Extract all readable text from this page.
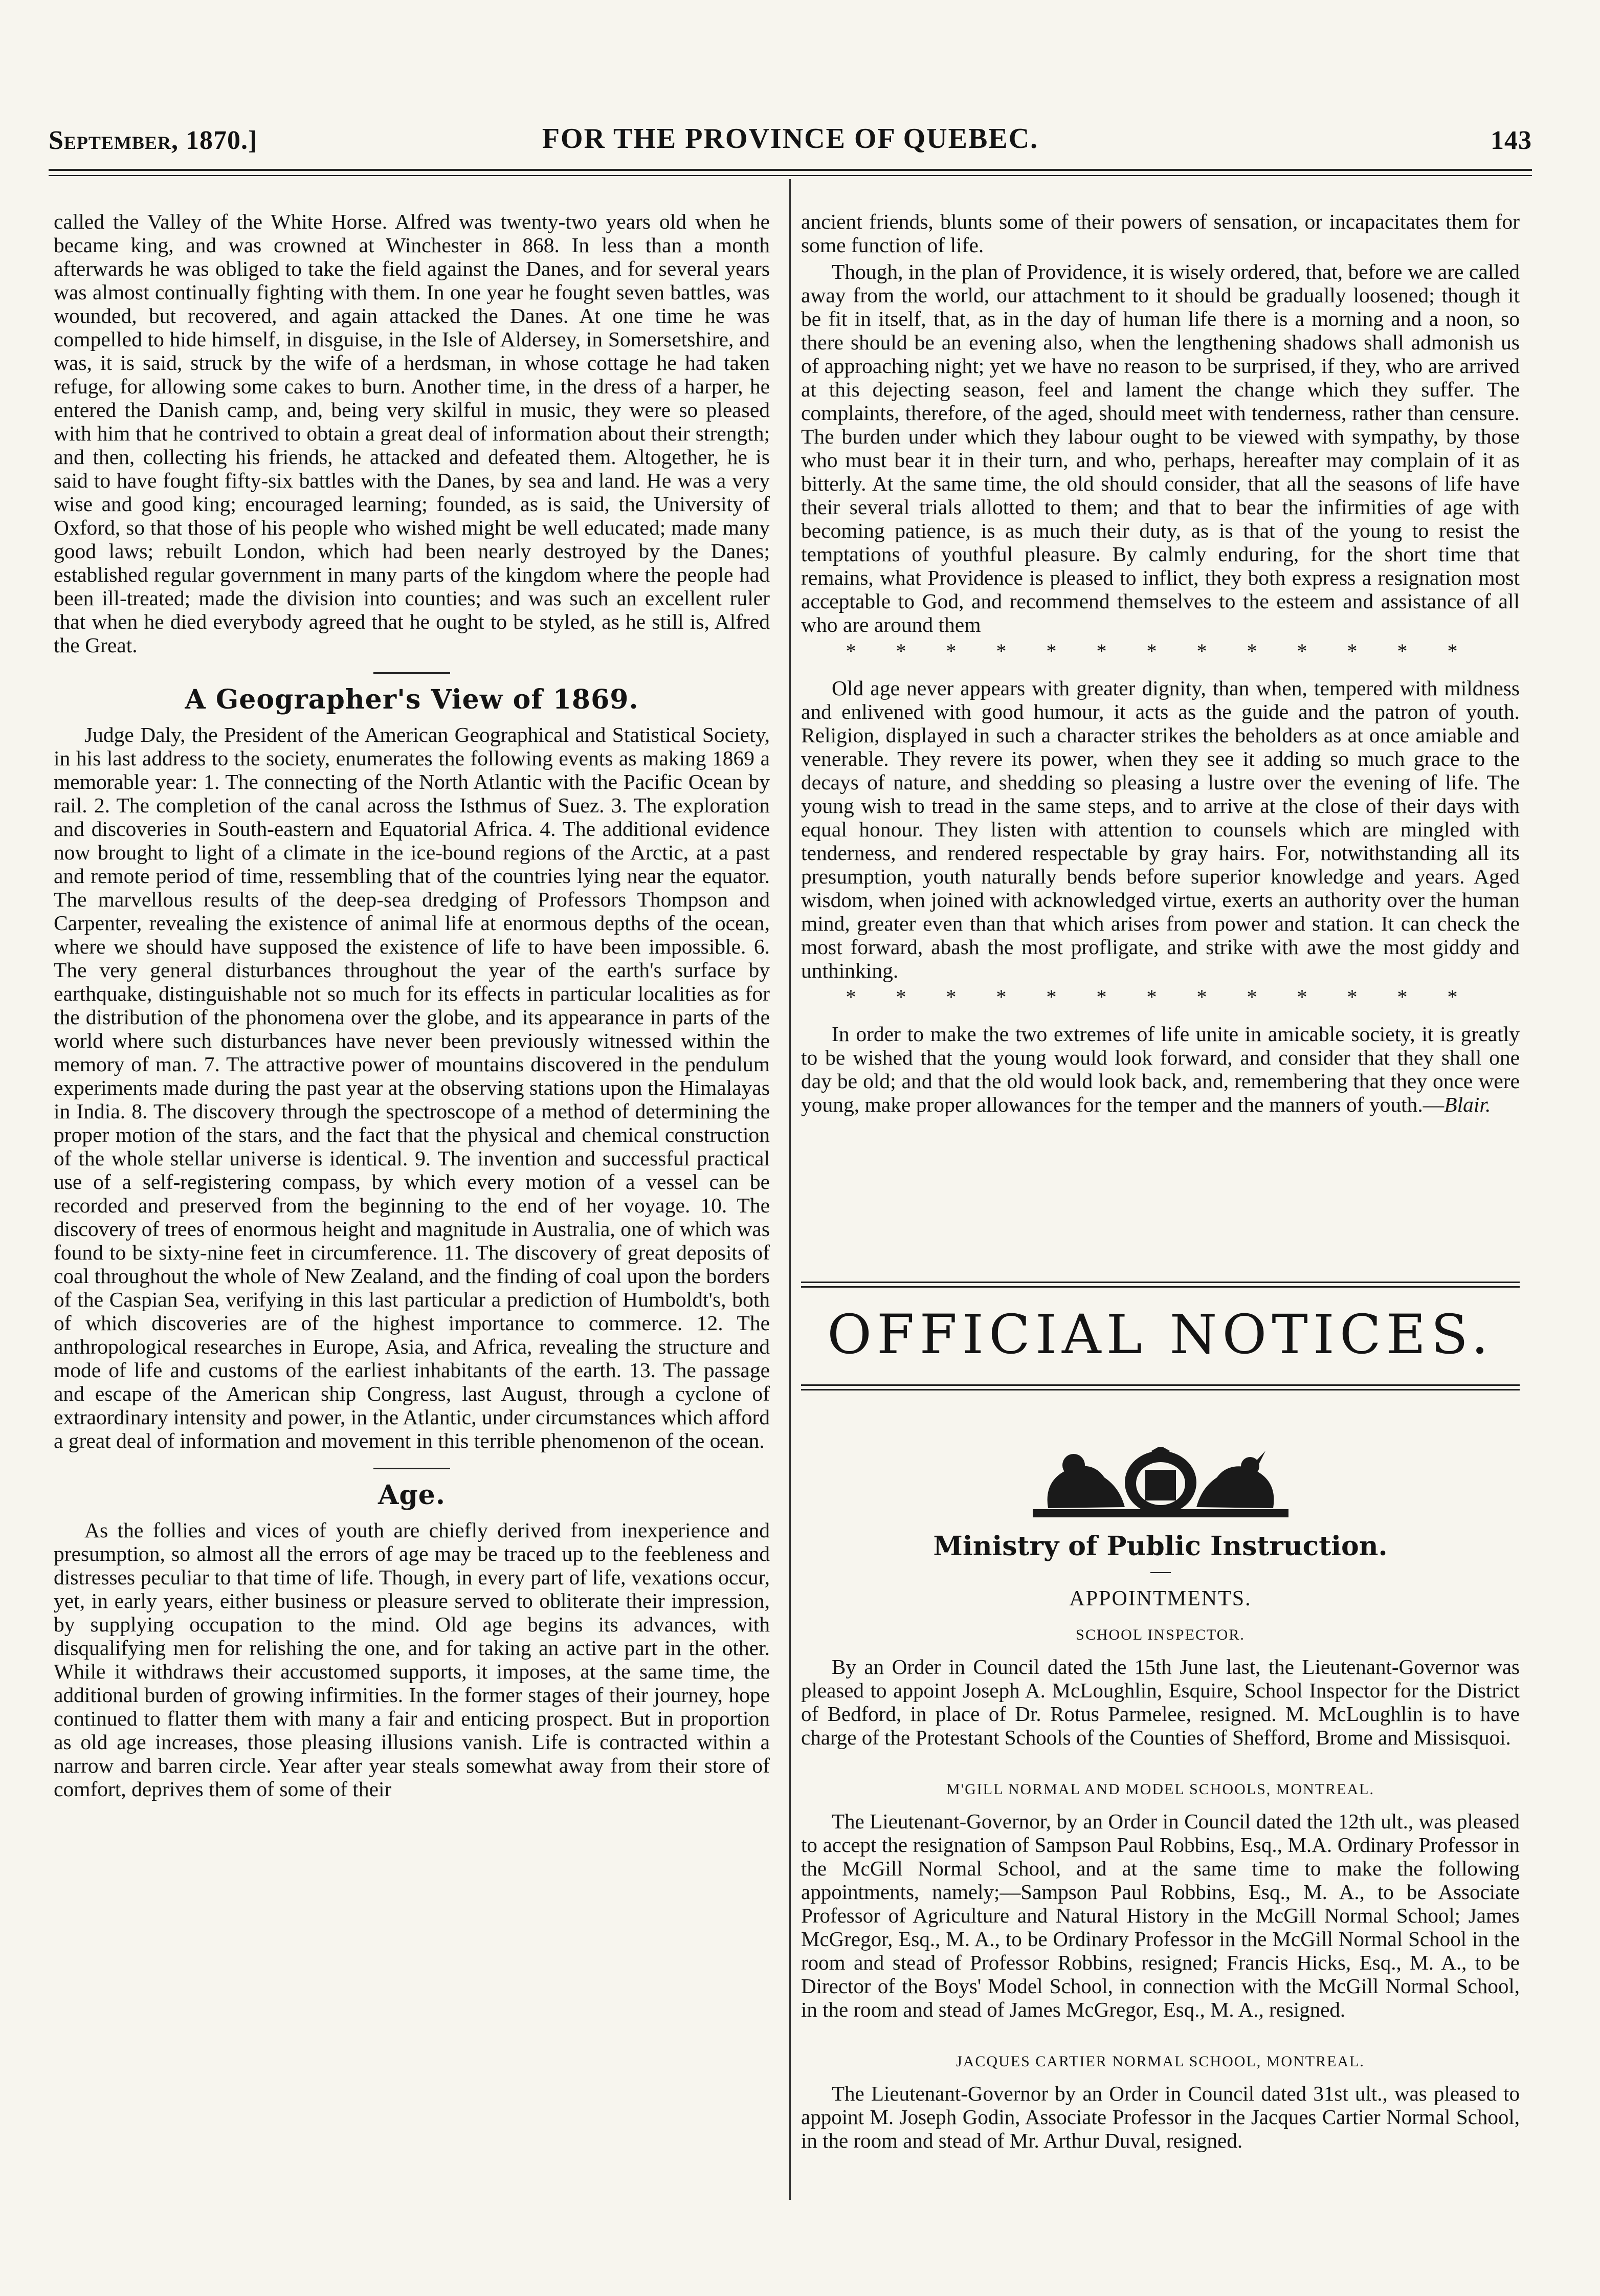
September, 1870.]	FOR THE PROVINCE OF QUEBEC.	143

called the Valley of the White Horse. Alfred was twenty-two years old when he became king, and was crowned at Winchester in 868. In less than a month afterwards he was obliged to take the field against the Danes, and for several years was almost continually fighting with them. In one year he fought seven battles, was wounded, but recovered, and again attacked the Danes. At one time he was compelled to hide himself, in disguise, in the Isle of Aldersey, in Somersetshire, and was, it is said, struck by the wife of a herdsman, in whose cottage he had taken refuge, for allowing some cakes to burn. Another time, in the dress of a harper, he entered the Danish camp, and, being very skilful in music, they were so pleased with him that he contrived to obtain a great deal of information about their strength; and then, collecting his friends, he attacked and defeated them. Altogether, he is said to have fought fifty-six battles with the Danes, by sea and land. He was a very wise and good king; encouraged learning; founded, as is said, the University of Oxford, so that those of his people who wished might be well educated; made many good laws; rebuilt London, which had been nearly destroyed by the Danes; established regular government in many parts of the kingdom where the people had been ill-treated; made the division into counties; and was such an excellent ruler that when he died everybody agreed that he ought to be styled, as he still is, Alfred the Great.

A Geographer's View of 1869.

Judge Daly, the President of the American Geographical and Statistical Society, in his last address to the society, enumerates the following events as making 1869 a memorable year: 1. The connecting of the North Atlantic with the Pacific Ocean by rail. 2. The completion of the canal across the Isthmus of Suez. 3. The exploration and discoveries in South-eastern and Equatorial Africa. 4. The additional evidence now brought to light of a climate in the ice-bound regions of the Arctic, at a past and remote period of time, ressembling that of the countries lying near the equator. The marvellous results of the deep-sea dredging of Professors Thompson and Carpenter, revealing the existence of animal life at enormous depths of the ocean, where we should have supposed the existence of life to have been impossible. 6. The very general disturbances throughout the year of the earth's surface by earthquake, distinguishable not so much for its effects in particular localities as for the distribution of the phonomena over the globe, and its appearance in parts of the world where such disturbances have never been previously witnessed within the memory of man. 7. The attractive power of mountains discovered in the pendulum experiments made during the past year at the observing stations upon the Himalayas in India. 8. The discovery through the spectroscope of a method of determining the proper motion of the stars, and the fact that the physical and chemical construction of the whole stellar universe is identical. 9. The invention and successful practical use of a self-registering compass, by which every motion of a vessel can be recorded and preserved from the beginning to the end of her voyage. 10. The discovery of trees of enormous height and magnitude in Australia, one of which was found to be sixty-nine feet in circumference. 11. The discovery of great deposits of coal throughout the whole of New Zealand, and the finding of coal upon the borders of the Caspian Sea, verifying in this last particular a prediction of Humboldt's, both of which discoveries are of the highest importance to commerce. 12. The anthropological researches in Europe, Asia, and Africa, revealing the structure and mode of life and customs of the earliest inhabitants of the earth. 13. The passage and escape of the American ship Congress, last August, through a cyclone of extraordinary intensity and power, in the Atlantic, under circumstances which afford a great deal of information and movement in this terrible phenomenon of the ocean.

Age.

As the follies and vices of youth are chiefly derived from inexperience and presumption, so almost all the errors of age may be traced up to the feebleness and distresses peculiar to that time of life. Though, in every part of life, vexations occur, yet, in early years, either business or pleasure served to obliterate their impression, by supplying occupation to the mind. Old age begins its advances, with disqualifying men for relishing the one, and for taking an active part in the other. While it withdraws their accustomed supports, it imposes, at the same time, the additional burden of growing infirmities. In the former stages of their journey, hope continued to flatter them with many a fair and enticing prospect. But in proportion as old age increases, those pleasing illusions vanish. Life is contracted within a narrow and barren circle. Year after year steals somewhat away from their store of comfort, deprives them of some of their

ancient friends, blunts some of their powers of sensation, or incapacitates them for some function of life.

Though, in the plan of Providence, it is wisely ordered, that, before we are called away from the world, our attachment to it should be gradually loosened; though it be fit in itself, that, as in the day of human life there is a morning and a noon, so there should be an evening also, when the lengthening shadows shall admonish us of approaching night; yet we have no reason to be surprised, if they, who are arrived at this dejecting season, feel and lament the change which they suffer. The complaints, therefore, of the aged, should meet with tenderness, rather than censure. The burden under which they labour ought to be viewed with sympathy, by those who must bear it in their turn, and who, perhaps, hereafter may complain of it as bitterly. At the same time, the old should consider, that all the seasons of life have their several trials allotted to them; and that to bear the infirmities of age with becoming patience, is as much their duty, as is that of the young to resist the temptations of youthful pleasure. By calmly enduring, for the short time that remains, what Providence is pleased to inflict, they both express a resignation most acceptable to God, and recommend themselves to the esteem and assistance of all who are around them

* * * * * * * * * * * * *

Old age never appears with greater dignity, than when, tempered with mildness and enlivened with good humour, it acts as the guide and the patron of youth. Religion, displayed in such a character strikes the beholders as at once amiable and venerable. They revere its power, when they see it adding so much grace to the decays of nature, and shedding so pleasing a lustre over the evening of life. The young wish to tread in the same steps, and to arrive at the close of their days with equal honour. They listen with attention to counsels which are mingled with tenderness, and rendered respectable by gray hairs. For, notwithstanding all its presumption, youth naturally bends before superior knowledge and years. Aged wisdom, when joined with acknowledged virtue, exerts an authority over the human mind, greater even than that which arises from power and station. It can check the most forward, abash the most profligate, and strike with awe the most giddy and unthinking.

* * * * * * * * * * * * *

In order to make the two extremes of life unite in amicable society, it is greatly to be wished that the young would look forward, and consider that they shall one day be old; and that the old would look back, and, remembering that they once were young, make proper allowances for the temper and the manners of youth.—Blair.

OFFICIAL NOTICES.
Ministry of Public Instruction.
APPOINTMENTS.
SCHOOL INSPECTOR.

By an Order in Council dated the 15th June last, the Lieutenant-Governor was pleased to appoint Joseph A. McLoughlin, Esquire, School Inspector for the District of Bedford, in place of Dr. Rotus Parmelee, resigned. M. McLoughlin is to have charge of the Protestant Schools of the Counties of Shefford, Brome and Missisquoi.

M'GILL NORMAL AND MODEL SCHOOLS, MONTREAL.

The Lieutenant-Governor, by an Order in Council dated the 12th ult., was pleased to accept the resignation of Sampson Paul Robbins, Esq., M.A. Ordinary Professor in the McGill Normal School, and at the same time to make the following appointments, namely;—Sampson Paul Robbins, Esq., M. A., to be Associate Professor of Agriculture and Natural History in the McGill Normal School; James McGregor, Esq., M. A., to be Ordinary Professor in the McGill Normal School in the room and stead of Professor Robbins, resigned; Francis Hicks, Esq., M. A., to be Director of the Boys' Model School, in connection with the McGill Normal School, in the room and stead of James McGregor, Esq., M. A., resigned.

JACQUES CARTIER NORMAL SCHOOL, MONTREAL.

The Lieutenant-Governor by an Order in Council dated 31st ult., was pleased to appoint M. Joseph Godin, Associate Professor in the Jacques Cartier Normal School, in the room and stead of Mr. Arthur Duval, resigned.
